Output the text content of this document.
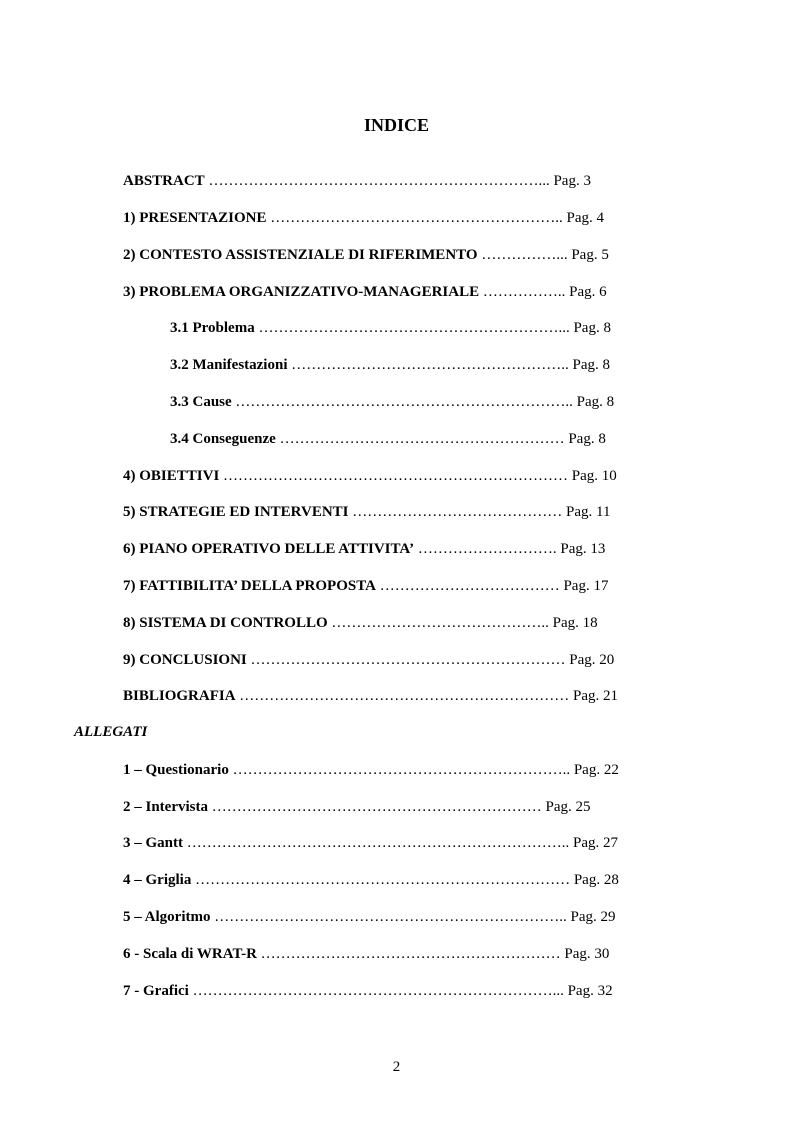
INDICE
ABSTRACT …………………………………………………………... Pag. 3
1) PRESENTAZIONE ………………………………………………….. Pag. 4
2) CONTESTO ASSISTENZIALE DI RIFERIMENTO ……………... Pag. 5
3) PROBLEMA ORGANIZZATIVO-MANAGERIALE …………….. Pag. 6
3.1 Problema ……………………………………………………... Pag. 8
3.2 Manifestazioni ……………………………………………….. Pag. 8
3.3 Cause ………………………………………………………….. Pag. 8
3.4 Conseguenze ………………………………………………… Pag. 8
4) OBIETTIVI …………………………………………………………… Pag. 10
5) STRATEGIE ED INTERVENTI …………………………………… Pag. 11
6) PIANO OPERATIVO DELLE ATTIVITA’ ………………………. Pag. 13
7) FATTIBILITA’ DELLA PROPOSTA ……………………………… Pag. 17
8) SISTEMA DI CONTROLLO …………………………………….. Pag. 18
9) CONCLUSIONI ……………………………………………………… Pag. 20
BIBLIOGRAFIA ………………………………………………………… Pag. 21
ALLEGATI
1 – Questionario ………………………………………………………….. Pag. 22
2 – Intervista ………………………………………………………… Pag. 25
3 – Gantt ………………………………………………………………….. Pag. 27
4 – Griglia ………………………………………………………………… Pag. 28
5 – Algoritmo …………………………………………………………….. Pag. 29
6 - Scala di WRAT-R …………………………………………………… Pag. 30
7 - Grafici ………………………………………………………………... Pag. 32
2
